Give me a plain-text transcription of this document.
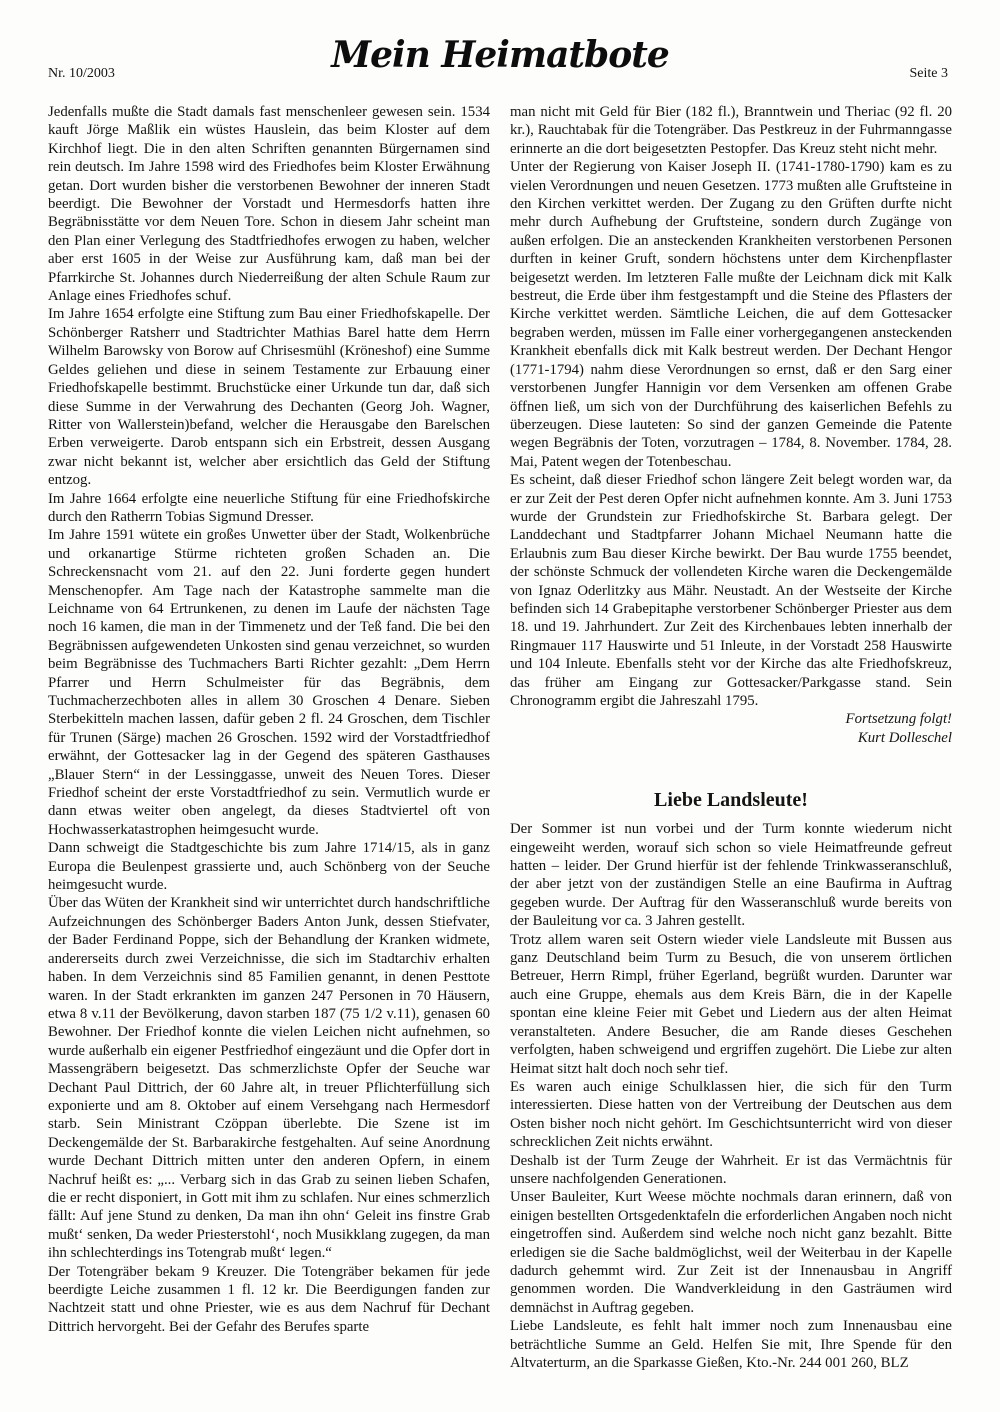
Nr. 10/2003	Mein Heimatbote	Seite 3

Jedenfalls mußte die Stadt damals fast menschenleer gewesen sein. 1534 kauft Jörge Maßlik ein wüstes Hauslein, das beim Kloster auf dem Kirchhof liegt. Die in den alten Schriften genannten Bürgernamen sind rein deutsch. Im Jahre 1598 wird des Friedhofes beim Kloster Erwähnung getan. Dort wurden bisher die verstorbenen Bewohner der inneren Stadt beerdigt. Die Bewohner der Vorstadt und Hermesdorfs hatten ihre Begräbnisstätte vor dem Neuen Tore. Schon in diesem Jahr scheint man den Plan einer Verlegung des Stadtfriedhofes erwogen zu haben, welcher aber erst 1605 in der Weise zur Ausführung kam, daß man bei der Pfarrkirche St. Johannes durch Niederreißung der alten Schule Raum zur Anlage eines Friedhofes schuf.

Im Jahre 1654 erfolgte eine Stiftung zum Bau einer Friedhofskapelle. Der Schönberger Ratsherr und Stadtrichter Mathias Barel hatte dem Herrn Wilhelm Barowsky von Borow auf Chrisesmühl (Kröneshof) eine Summe Geldes geliehen und diese in seinem Testamente zur Erbauung einer Friedhofskapelle bestimmt. Bruchstücke einer Urkunde tun dar, daß sich diese Summe in der Verwahrung des Dechanten (Georg Joh. Wagner, Ritter von Wallerstein)befand, welcher die Herausgabe den Barelschen Erben verweigerte. Darob entspann sich ein Erbstreit, dessen Ausgang zwar nicht bekannt ist, welcher aber ersichtlich das Geld der Stiftung entzog.

Im Jahre 1664 erfolgte eine neuerliche Stiftung für eine Friedhofskirche durch den Ratherrn Tobias Sigmund Dresser.

Im Jahre 1591 wütete ein großes Unwetter über der Stadt, Wolkenbrüche und orkanartige Stürme richteten großen Schaden an. Die Schreckensnacht vom 21. auf den 22. Juni forderte gegen hundert Menschenopfer. Am Tage nach der Katastrophe sammelte man die Leichname von 64 Ertrunkenen, zu denen im Laufe der nächsten Tage noch 16 kamen, die man in der Timmenetz und der Teß fand. Die bei den Begräbnissen aufgewendeten Unkosten sind genau verzeichnet, so wurden beim Begräbnisse des Tuchmachers Barti Richter gezahlt: „Dem Herrn Pfarrer und Herrn Schulmeister für das Begräbnis, dem Tuchmacherzechboten alles in allem 30 Groschen 4 Denare. Sieben Sterbekitteln machen lassen, dafür geben 2 fl. 24 Groschen, dem Tischler für Trunen (Särge) machen 26 Groschen. 1592 wird der Vorstadtfriedhof erwähnt, der Gottesacker lag in der Gegend des späteren Gasthauses „Blauer Stern“ in der Lessinggasse, unweit des Neuen Tores. Dieser Friedhof scheint der erste Vorstadtfriedhof zu sein. Vermutlich wurde er dann etwas weiter oben angelegt, da dieses Stadtviertel oft von Hochwasserkatastrophen heimgesucht wurde.

Dann schweigt die Stadtgeschichte bis zum Jahre 1714/15, als in ganz Europa die Beulenpest grassierte und, auch Schönberg von der Seuche heimgesucht wurde.

Über das Wüten der Krankheit sind wir unterrichtet durch handschriftliche Aufzeichnungen des Schönberger Baders Anton Junk, dessen Stiefvater, der Bader Ferdinand Poppe, sich der Behandlung der Kranken widmete, andererseits durch zwei Verzeichnisse, die sich im Stadtarchiv erhalten haben. In dem Verzeichnis sind 85 Familien genannt, in denen Pesttote waren. In der Stadt erkrankten im ganzen 247 Personen in 70 Häusern, etwa 8 v.11 der Bevölkerung, davon starben 187 (75 1/2 v.11), genasen 60 Bewohner. Der Friedhof konnte die vielen Leichen nicht aufnehmen, so wurde außerhalb ein eigener Pestfriedhof eingezäunt und die Opfer dort in Massengräbern beigesetzt. Das schmerzlichste Opfer der Seuche war Dechant Paul Dittrich, der 60 Jahre alt, in treuer Pflichterfüllung sich exponierte und am 8. Oktober auf einem Versehgang nach Hermesdorf starb. Sein Ministrant Czöppan überlebte. Die Szene ist im Deckengemälde der St. Barbarakirche festgehalten. Auf seine Anordnung wurde Dechant Dittrich mitten unter den anderen Opfern, in einem Nachruf heißt es: „... Verbarg sich in das Grab zu seinen lieben Schafen, die er recht disponiert, in Gott mit ihm zu schlafen. Nur eines schmerzlich fällt: Auf jene Stund zu denken, Da man ihn ohn‘ Geleit ins finstre Grab mußt‘ senken, Da weder Priesterstohl‘, noch Musikklang zugegen, da man ihn schlechterdings ins Totengrab mußt‘ legen.“

Der Totengräber bekam 9 Kreuzer. Die Totengräber bekamen für jede beerdigte Leiche zusammen 1 fl. 12 kr. Die Beerdigungen fanden zur Nachtzeit statt und ohne Priester, wie es aus dem Nachruf für Dechant Dittrich hervorgeht. Bei der Gefahr des Berufes sparte

man nicht mit Geld für Bier (182 fl.), Branntwein und Theriac (92 fl. 20 kr.), Rauchtabak für die Totengräber. Das Pestkreuz in der Fuhrmanngasse erinnerte an die dort beigesetzten Pestopfer. Das Kreuz steht nicht mehr.

Unter der Regierung von Kaiser Joseph II. (1741-1780-1790) kam es zu vielen Verordnungen und neuen Gesetzen. 1773 mußten alle Gruftsteine in den Kirchen verkittet werden. Der Zugang zu den Grüften durfte nicht mehr durch Aufhebung der Gruftsteine, sondern durch Zugänge von außen erfolgen. Die an ansteckenden Krankheiten verstorbenen Personen durften in keiner Gruft, sondern höchstens unter dem Kirchenpflaster beigesetzt werden. Im letzteren Falle mußte der Leichnam dick mit Kalk bestreut, die Erde über ihm festgestampft und die Steine des Pflasters der Kirche verkittet werden. Sämtliche Leichen, die auf dem Gottesacker begraben werden, müssen im Falle einer vorhergegangenen ansteckenden Krankheit ebenfalls dick mit Kalk bestreut werden. Der Dechant Hengor (1771-1794) nahm diese Verordnungen so ernst, daß er den Sarg einer verstorbenen Jungfer Hannigin vor dem Versenken am offenen Grabe öffnen ließ, um sich von der Durchführung des kaiserlichen Befehls zu überzeugen. Diese lauteten: So sind der ganzen Gemeinde die Patente wegen Begräbnis der Toten, vorzutragen – 1784, 8. November. 1784, 28. Mai, Patent wegen der Totenbeschau.

Es scheint, daß dieser Friedhof schon längere Zeit belegt worden war, da er zur Zeit der Pest deren Opfer nicht aufnehmen konnte. Am 3. Juni 1753 wurde der Grundstein zur Friedhofskirche St. Barbara gelegt. Der Landdechant und Stadtpfarrer Johann Michael Neumann hatte die Erlaubnis zum Bau dieser Kirche bewirkt. Der Bau wurde 1755 beendet, der schönste Schmuck der vollendeten Kirche waren die Deckengemälde von Ignaz Oderlitzky aus Mähr. Neustadt. An der Westseite der Kirche befinden sich 14 Grabepitaphe verstorbener Schönberger Priester aus dem 18. und 19. Jahrhundert. Zur Zeit des Kirchenbaues lebten innerhalb der Ringmauer 117 Hauswirte und 51 Inleute, in der Vorstadt 258 Hauswirte und 104 Inleute. Ebenfalls steht vor der Kirche das alte Friedhofskreuz, das früher am Eingang zur Gottesacker/Parkgasse stand. Sein Chronogramm ergibt die Jahreszahl 1795.

Fortsetzung folgt!

Kurt Dolleschel

Liebe Landsleute!

Der Sommer ist nun vorbei und der Turm konnte wiederum nicht eingeweiht werden, worauf sich schon so viele Heimatfreunde gefreut hatten – leider. Der Grund hierfür ist der fehlende Trinkwasseranschluß, der aber jetzt von der zuständigen Stelle an eine Baufirma in Auftrag gegeben wurde. Der Auftrag für den Wasseranschluß wurde bereits von der Bauleitung vor ca. 3 Jahren gestellt.

Trotz allem waren seit Ostern wieder viele Landsleute mit Bussen aus ganz Deutschland beim Turm zu Besuch, die von unserem örtlichen Betreuer, Herrn Rimpl, früher Egerland, begrüßt wurden. Darunter war auch eine Gruppe, ehemals aus dem Kreis Bärn, die in der Kapelle spontan eine kleine Feier mit Gebet und Liedern aus der alten Heimat veranstalteten. Andere Besucher, die am Rande dieses Geschehen verfolgten, haben schweigend und ergriffen zugehört. Die Liebe zur alten Heimat sitzt halt doch noch sehr tief.

Es waren auch einige Schulklassen hier, die sich für den Turm interessierten. Diese hatten von der Vertreibung der Deutschen aus dem Osten bisher noch nicht gehört. Im Geschichtsunterricht wird von dieser schrecklichen Zeit nichts erwähnt.

Deshalb ist der Turm Zeuge der Wahrheit. Er ist das Vermächtnis für unsere nachfolgenden Generationen.

Unser Bauleiter, Kurt Weese möchte nochmals daran erinnern, daß von einigen bestellten Ortsgedenktafeln die erforderlichen Angaben noch nicht eingetroffen sind. Außerdem sind welche noch nicht ganz bezahlt. Bitte erledigen sie die Sache baldmöglichst, weil der Weiterbau in der Kapelle dadurch gehemmt wird. Zur Zeit ist der Innenausbau in Angriff genommen worden. Die Wandverkleidung in den Gasträumen wird demnächst in Auftrag gegeben.

Liebe Landsleute, es fehlt halt immer noch zum Innenausbau eine beträchtliche Summe an Geld. Helfen Sie mit, Ihre Spende für den Altvaterturm, an die Sparkasse Gießen, Kto.-Nr. 244 001 260, BLZ
